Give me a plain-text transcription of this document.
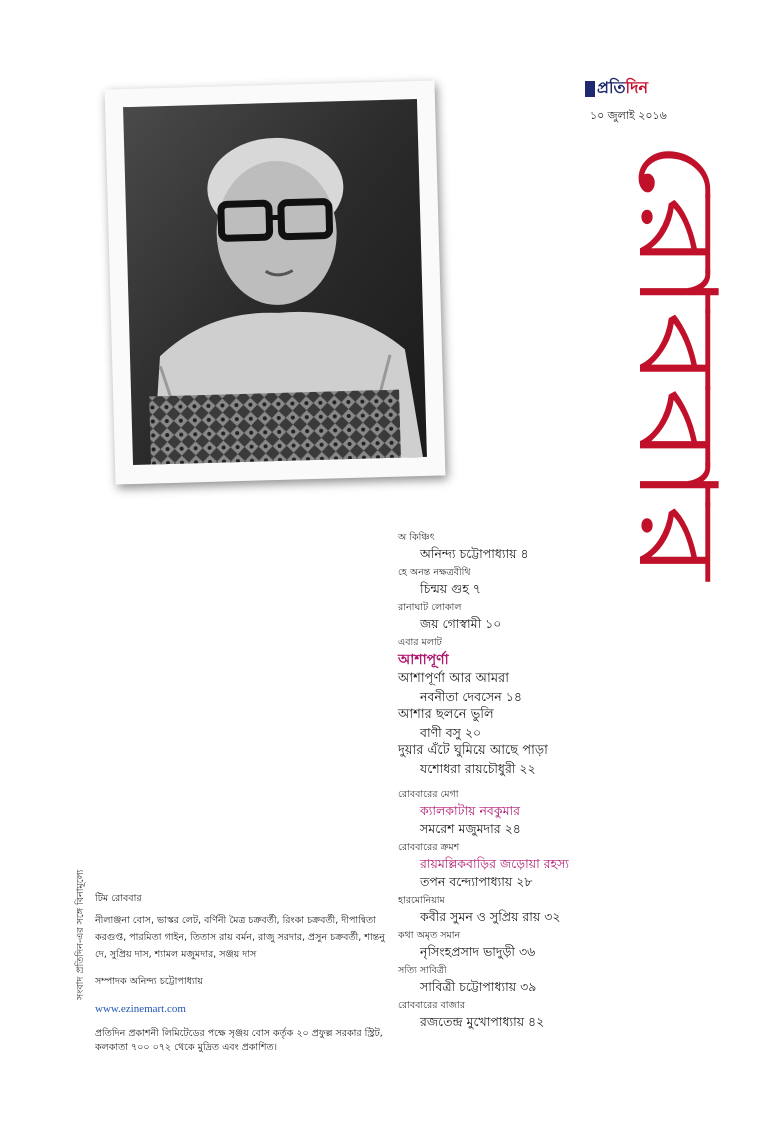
প্রতিদিন
১০ জুলাই ২০১৬
রোববার
অ কিঞ্চিৎ
অনিন্দ্য চট্টোপাধ্যায় ৪
হে অনন্ত নক্ষত্রবীথি
চিন্ময় গুহ ৭
রানাঘাট লোকাল
জয় গোস্বামী ১০
এবার মলাট
আশাপূর্ণা
আশাপূর্ণা আর আমরা
নবনীতা দেবসেন ১৪
আশার ছলনে ভুলি
বাণী বসু ২০
দুয়ার এঁটে ঘুমিয়ে আছে পাড়া
যশোধরা রায়চৌধুরী ২২
রোববারের মেগা
ক্যালকাটায় নবকুমার
সমরেশ মজুমদার ২৪
রোববারের ক্রমশ
রায়মল্লিকবাড়ির জড়োয়া রহস্য
তপন বন্দ্যোপাধ্যায় ২৮
হারমোনিয়াম
কবীর সুমন ও সুপ্রিয় রায় ৩২
কথা অমৃত সমান
নৃসিংহপ্রসাদ ভাদুড়ী ৩৬
সত্যি সাবিত্রী
সাবিত্রী চট্টোপাধ্যায় ৩৯
রোববারের বাজার
রজতেন্দ্র মুখোপাধ্যায় ৪২
টিম রোববার
নীলাঞ্জনা বোস, ভাস্কর লেট, বর্ণিনী মৈত্র চক্রবর্তী, রিংকা চক্রবর্তী, দীপান্বিতা করগুপ্ত, পারমিতা গাইন, তিতাস রায় বর্মন, রাজু সরদার, প্রসুন চক্রবর্তী, শান্তনু দে, সুপ্রিয় দাস, শ্যামল মজুমদার, সঞ্জয় দাস
সম্পাদক অনিন্দ্য চট্টোপাধ্যায়
www.ezinemart.com
প্রতিদিন প্রকাশনী লিমিটেডের পক্ষে সৃঞ্জয় বোস কর্তৃক ২০ প্রফুল্ল সরকার স্ট্রিট, কলকাতা ৭০০ ০৭২ থেকে মুদ্রিত এবং প্রকাশিত।
সংবাদ প্রতিদিন-এর সঙ্গে বিনামূল্যে
